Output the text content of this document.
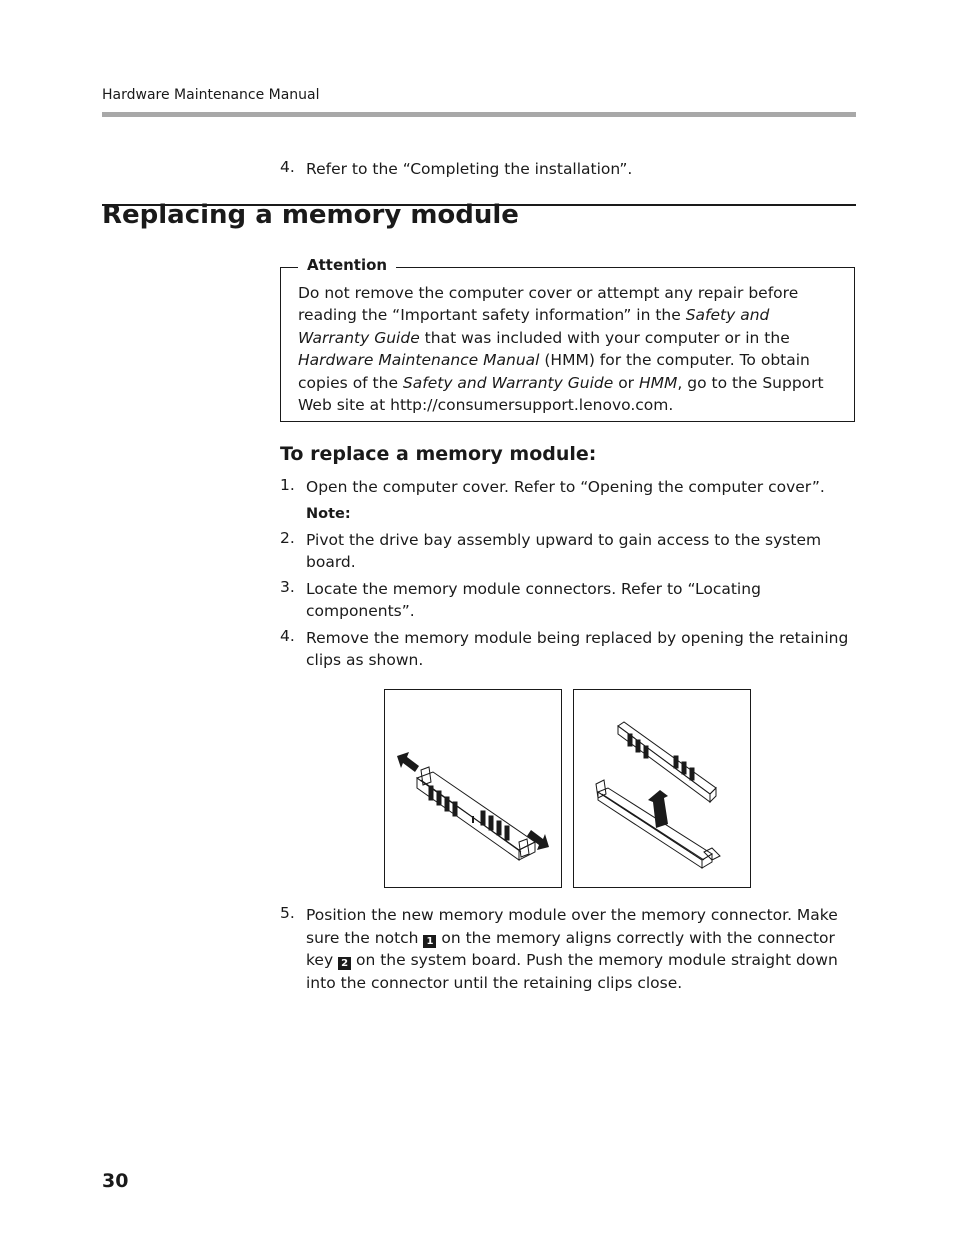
Hardware Maintenance Manual
4. Refer to the “Completing the installation”.
Replacing a memory module
Attention
Do not remove the computer cover or attempt any repair before reading the “Important safety information” in the Safety and Warranty Guide that was included with your computer or in the Hardware Maintenance Manual (HMM) for the computer. To obtain copies of the Safety and Warranty Guide or HMM, go to the Support Web site at http://consumersupport.lenovo.com.
To replace a memory module:
1. Open the computer cover. Refer to “Opening the computer cover”.
Note:
2. Pivot the drive bay assembly upward to gain access to the system board.
3. Locate the memory module connectors. Refer to “Locating components”.
4. Remove the memory module being replaced by opening the retaining clips as shown.
5. Position the new memory module over the memory connector. Make sure the notch 1 on the memory aligns correctly with the connector key 2 on the system board. Push the memory module straight down into the connector until the retaining clips close.
30
